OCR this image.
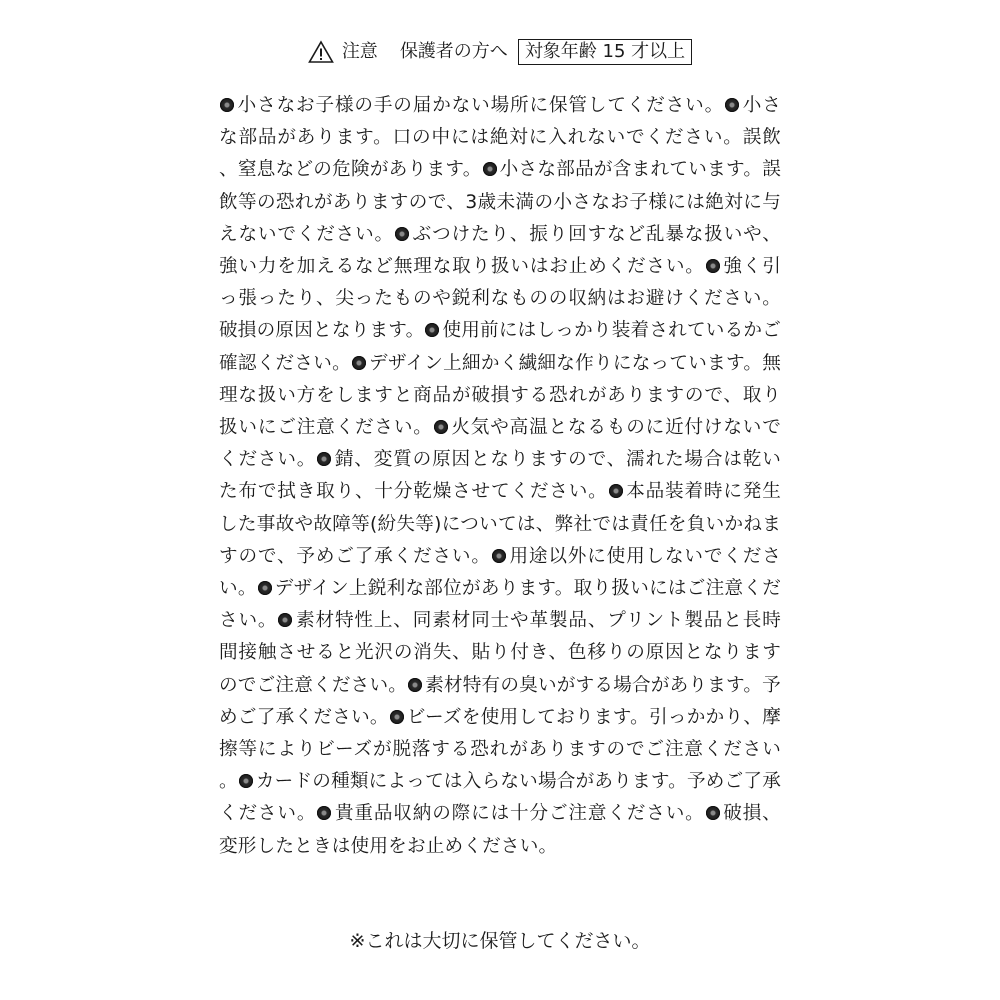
注意 保護者の方へ 対象年齢 15 才以上

小さなお子様の手の届かない場所に保管してください。 小さな部品があります。口の中には絶対に入れないでください。誤飲、窒息などの危険があります。 小さな部品が含まれています。誤飲等の恐れがありますので、3歳未満の小さなお子様には絶対に与えないでください。 ぶつけたり、振り回すなど乱暴な扱いや、強い力を加えるなど無理な取り扱いはお止めください。 強く引っ張ったり、尖ったものや鋭利なものの収納はお避けください。破損の原因となります。 使用前にはしっかり装着されているかご確認ください。 デザイン上細かく繊細な作りになっています。無理な扱い方をしますと商品が破損する恐れがありますので、取り扱いにご注意ください。 火気や高温となるものに近付けないでください。 錆、変質の原因となりますので、濡れた場合は乾いた布で拭き取り、十分乾燥させてください。 本品装着時に発生した事故や故障等(紛失等)については、弊社では責任を負いかねますので、予めご了承ください。 用途以外に使用しないでください。 デザイン上鋭利な部位があります。取り扱いにはご注意ください。 素材特性上、同素材同士や革製品、プリント製品と長時間接触させると光沢の消失、貼り付き、色移りの原因となりますのでご注意ください。 素材特有の臭いがする場合があります。予めご了承ください。 ビーズを使用しております。引っかかり、摩擦等によりビーズが脱落する恐れがありますのでご注意ください。 カードの種類によっては入らない場合があります。予めご了承ください。 貴重品収納の際には十分ご注意ください。 破損、変形したときは使用をお止めください。

※これは大切に保管してください。
